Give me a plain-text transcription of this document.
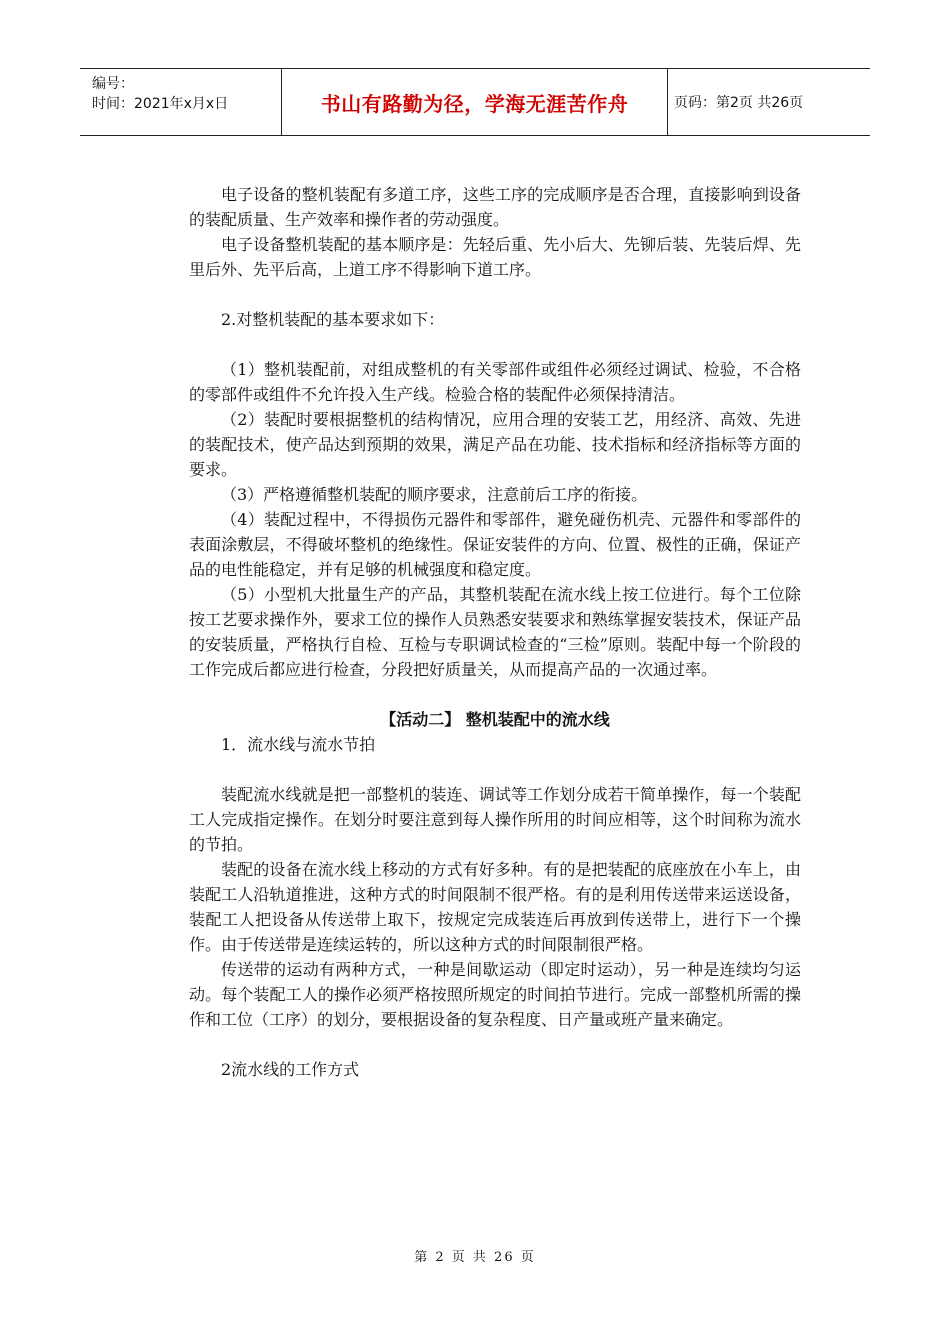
编号：
时间：2021年x月x日	书山有路勤为径，学海无涯苦作舟	页码：第2页 共26页

电子设备的整机装配有多道工序，这些工序的完成顺序是否合理，直接影响到设备的装配质量、生产效率和操作者的劳动强度。

电子设备整机装配的基本顺序是：先轻后重、先小后大、先铆后装、先装后焊、先里后外、先平后高，上道工序不得影响下道工序。

2.对整机装配的基本要求如下：

（1）整机装配前，对组成整机的有关零部件或组件必须经过调试、检验，不合格的零部件或组件不允许投入生产线。检验合格的装配件必须保持清洁。

（2）装配时要根据整机的结构情况，应用合理的安装工艺，用经济、高效、先进的装配技术，使产品达到预期的效果，满足产品在功能、技术指标和经济指标等方面的要求。

（3）严格遵循整机装配的顺序要求，注意前后工序的衔接。

（4）装配过程中，不得损伤元器件和零部件，避免碰伤机壳、元器件和零部件的表面涂敷层，不得破坏整机的绝缘性。保证安装件的方向、位置、极性的正确，保证产品的电性能稳定，并有足够的机械强度和稳定度。

（5）小型机大批量生产的产品，其整机装配在流水线上按工位进行。每个工位除按工艺要求操作外，要求工位的操作人员熟悉安装要求和熟练掌握安装技术，保证产品的安装质量，严格执行自检、互检与专职调试检查的“三检”原则。装配中每一个阶段的工作完成后都应进行检查，分段把好质量关，从而提高产品的一次通过率。

【活动二】 整机装配中的流水线

1．流水线与流水节拍

装配流水线就是把一部整机的装连、调试等工作划分成若干简单操作，每一个装配工人完成指定操作。在划分时要注意到每人操作所用的时间应相等，这个时间称为流水的节拍。

装配的设备在流水线上移动的方式有好多种。有的是把装配的底座放在小车上，由装配工人沿轨道推进，这种方式的时间限制不很严格。有的是利用传送带来运送设备，装配工人把设备从传送带上取下，按规定完成装连后再放到传送带上，进行下一个操作。由于传送带是连续运转的，所以这种方式的时间限制很严格。

传送带的运动有两种方式，一种是间歇运动（即定时运动），另一种是连续均匀运动。每个装配工人的操作必须严格按照所规定的时间拍节进行。完成一部整机所需的操作和工位（工序）的划分，要根据设备的复杂程度、日产量或班产量来确定。

2流水线的工作方式

第 2 页 共 26 页
